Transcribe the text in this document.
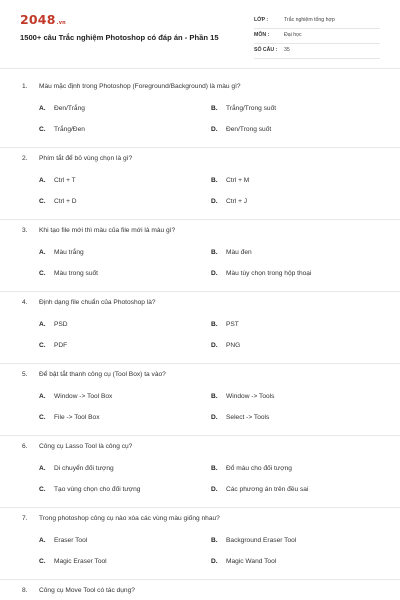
2048.vn
1500+ câu Trắc nghiệm Photoshop có đáp án - Phần 15
LỚP :	Trắc nghiệm tổng hợp
MÔN :	Đại học
SỐ CÂU : 35
1. Màu mặc định trong Photoshop (Foreground/Background) là màu gì?
A. Đen/Trắng	B. Trắng/Trong suốt
C. Trắng/Đen	D. Đen/Trong suốt
2. Phím tắt để bỏ vùng chọn là gì?
A. Ctrl + T	B. Ctrl + M
C. Ctrl + D	D. Ctrl + J
3. Khi tạo file mới thì màu của file mới là màu gì?
A. Màu trắng	B. Màu đen
C. Màu trong suốt	D. Màu tùy chọn trong hộp thoại
4. Định dạng file chuẩn của Photoshop là?
A. PSD	B. PST
C. PDF	D. PNG
5. Để bật tắt thanh công cụ (Tool Box) ta vào?
A. Window -> Tool Box	B. Window -> Tools
C. File -> Tool Box	D. Select -> Tools
6. Công cụ Lasso Tool là công cụ?
A. Di chuyển đối tượng	B. Đổ màu cho đối tượng
C. Tạo vùng chọn cho đối tượng	D. Các phương án trên đều sai
7. Trong photoshop công cụ nào xóa các vùng màu giống nhau?
A. Eraser Tool	B. Background Eraser Tool
C. Magic Eraser Tool	D. Magic Wand Tool
8. Công cụ Move Tool có tác dụng?
